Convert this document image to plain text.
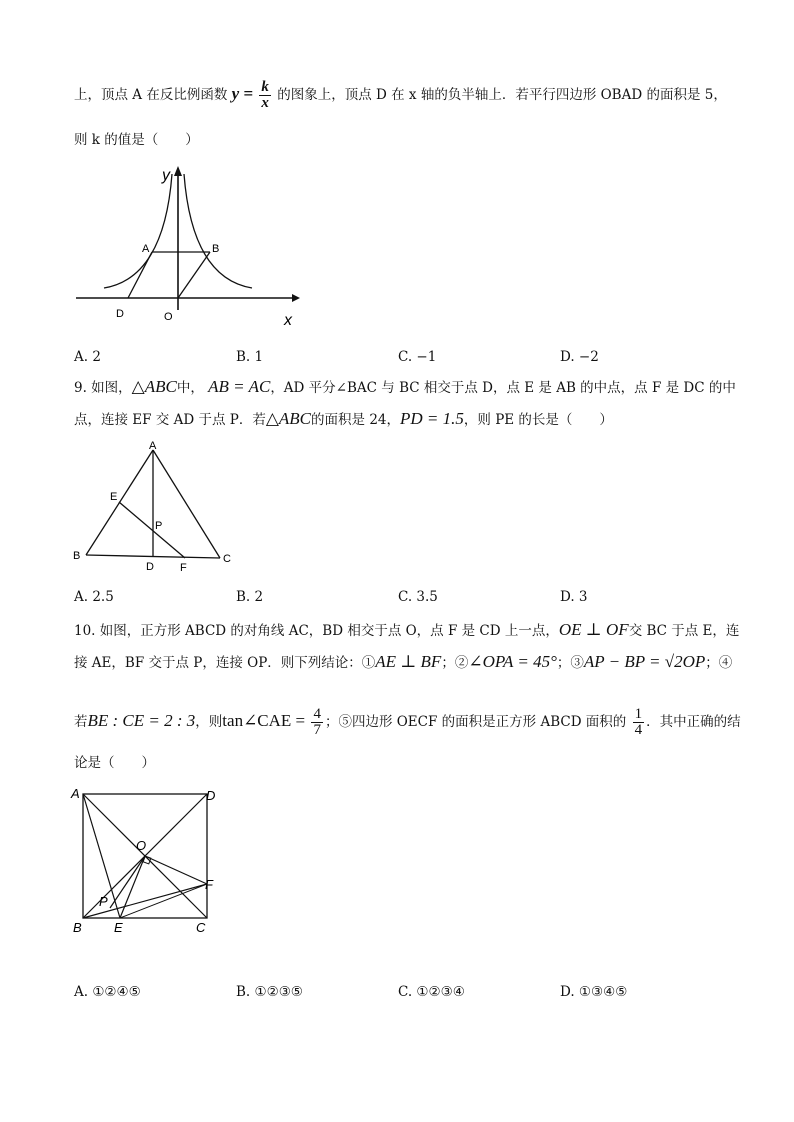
上，顶点 A 在反比例函数 $y = \frac{k}{x}$ 的图象上，顶点 D 在 x 轴的负半轴上．若平行四边形 OBAD 的面积是 5，
则 k 的值是（　　）
y
x
A	B
D	O
A. 2	B. 1	C. −1	D. −2
9. 如图，△ABC中， AB = AC，AD 平分∠BAC 与 BC 相交于点 D，点 E 是 AB 的中点，点 F 是 DC 的中
点，连接 EF 交 AD 于点 P．若△ABC的面积是 24，PD = 1.5，则 PE 的长是（　　）
A
B	C
D
E
F
P
A. 2.5	B. 2	C. 3.5	D. 3
10. 如图，正方形 ABCD 的对角线 AC，BD 相交于点 O，点 F 是 CD 上一点，OE ⊥ OF交 BC 于点 E，连
接 AE，BF 交于点 P，连接 OP．则下列结论：①AE ⊥ BF；②∠OPA = 45°；③AP − BP = √2OP；④
若BE : CE = 2 : 3，则tan∠CAE = $\frac{4}{7}$ ；⑤四边形 OECF 的面积是正方形 ABCD 面积的 $\frac{1}{4}$ ．其中正确的结
论是（　　）
A	D
B E	C
F
O
P
A. ①②④⑤	B. ①②③⑤	C. ①②③④	D. ①③④⑤
